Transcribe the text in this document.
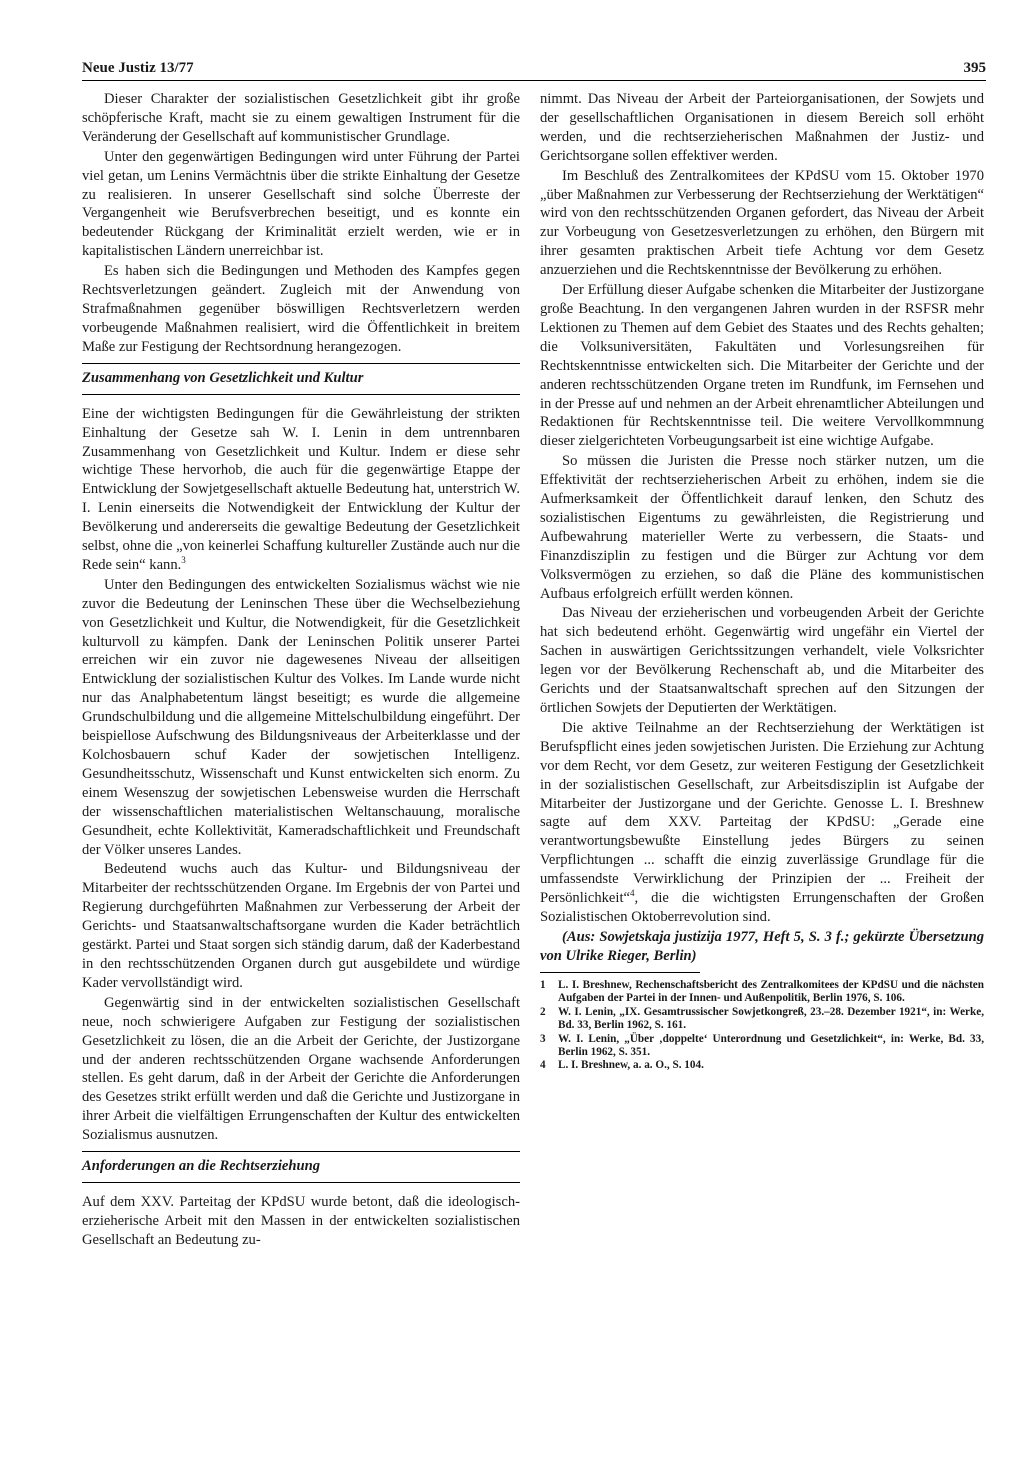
Neue Justiz 13/77	395

Dieser Charakter der sozialistischen Gesetzlichkeit gibt ihr große schöpferische Kraft, macht sie zu einem gewaltigen Instrument für die Veränderung der Gesellschaft auf kommunistischer Grundlage.

Unter den gegenwärtigen Bedingungen wird unter Führung der Partei viel getan, um Lenins Vermächtnis über die strikte Einhaltung der Gesetze zu realisieren. In unserer Gesellschaft sind solche Überreste der Vergangenheit wie Berufsverbrechen beseitigt, und es konnte ein bedeutender Rückgang der Kriminalität erzielt werden, wie er in kapitalistischen Ländern unerreichbar ist.

Es haben sich die Bedingungen und Methoden des Kampfes gegen Rechtsverletzungen geändert. Zugleich mit der Anwendung von Strafmaßnahmen gegenüber böswilligen Rechtsverletzern werden vorbeugende Maßnahmen realisiert, wird die Öffentlichkeit in breitem Maße zur Festigung der Rechtsordnung herangezogen.

Zusammenhang von Gesetzlichkeit und Kultur

Eine der wichtigsten Bedingungen für die Gewährleistung der strikten Einhaltung der Gesetze sah W. I. Lenin in dem untrennbaren Zusammenhang von Gesetzlichkeit und Kultur. Indem er diese sehr wichtige These hervorhob, die auch für die gegenwärtige Etappe der Entwicklung der Sowjetgesellschaft aktuelle Bedeutung hat, unterstrich W. I. Lenin einerseits die Notwendigkeit der Entwicklung der Kultur der Bevölkerung und andererseits die gewaltige Bedeutung der Gesetzlichkeit selbst, ohne die „von keinerlei Schaffung kultureller Zustände auch nur die Rede sein“ kann.$^3$

Unter den Bedingungen des entwickelten Sozialismus wächst wie nie zuvor die Bedeutung der Leninschen These über die Wechselbeziehung von Gesetzlichkeit und Kultur, die Notwendigkeit, für die Gesetzlichkeit kulturvoll zu kämpfen. Dank der Leninschen Politik unserer Partei erreichen wir ein zuvor nie dagewesenes Niveau der allseitigen Entwicklung der sozialistischen Kultur des Volkes. Im Lande wurde nicht nur das Analphabetentum längst beseitigt; es wurde die allgemeine Grundschulbildung und die allgemeine Mittelschulbildung eingeführt. Der beispiellose Aufschwung des Bildungsniveaus der Arbeiterklasse und der Kolchosbauern schuf Kader der sowjetischen Intelligenz. Gesundheitsschutz, Wissenschaft und Kunst entwickelten sich enorm. Zu einem Wesenszug der sowjetischen Lebensweise wurden die Herrschaft der wissenschaftlichen materialistischen Weltanschauung, moralische Gesundheit, echte Kollektivität, Kameradschaftlichkeit und Freundschaft der Völker unseres Landes.

Bedeutend wuchs auch das Kultur- und Bildungsniveau der Mitarbeiter der rechtsschützenden Organe. Im Ergebnis der von Partei und Regierung durchgeführten Maßnahmen zur Verbesserung der Arbeit der Gerichts- und Staatsanwaltschaftsorgane wurden die Kader beträchtlich gestärkt. Partei und Staat sorgen sich ständig darum, daß der Kaderbestand in den rechtsschützenden Organen durch gut ausgebildete und würdige Kader vervollständigt wird.

Gegenwärtig sind in der entwickelten sozialistischen Gesellschaft neue, noch schwierigere Aufgaben zur Festigung der sozialistischen Gesetzlichkeit zu lösen, die an die Arbeit der Gerichte, der Justizorgane und der anderen rechtsschützenden Organe wachsende Anforderungen stellen. Es geht darum, daß in der Arbeit der Gerichte die Anforderungen des Gesetzes strikt erfüllt werden und daß die Gerichte und Justizorgane in ihrer Arbeit die vielfältigen Errungenschaften der Kultur des entwickelten Sozialismus ausnutzen.

Anforderungen an die Rechtserziehung

Auf dem XXV. Parteitag der KPdSU wurde betont, daß die ideologisch-erzieherische Arbeit mit den Massen in der entwickelten sozialistischen Gesellschaft an Bedeutung zu-

nimmt. Das Niveau der Arbeit der Parteiorganisationen, der Sowjets und der gesellschaftlichen Organisationen in diesem Bereich soll erhöht werden, und die rechtserzieherischen Maßnahmen der Justiz- und Gerichtsorgane sollen effektiver werden.

Im Beschluß des Zentralkomitees der KPdSU vom 15. Oktober 1970 „über Maßnahmen zur Verbesserung der Rechtserziehung der Werktätigen“ wird von den rechtsschützenden Organen gefordert, das Niveau der Arbeit zur Vorbeugung von Gesetzesverletzungen zu erhöhen, den Bürgern mit ihrer gesamten praktischen Arbeit tiefe Achtung vor dem Gesetz anzuerziehen und die Rechtskenntnisse der Bevölkerung zu erhöhen.

Der Erfüllung dieser Aufgabe schenken die Mitarbeiter der Justizorgane große Beachtung. In den vergangenen Jahren wurden in der RSFSR mehr Lektionen zu Themen auf dem Gebiet des Staates und des Rechts gehalten; die Volksuniversitäten, Fakultäten und Vorlesungsreihen für Rechtskenntnisse entwickelten sich. Die Mitarbeiter der Gerichte und der anderen rechtsschützenden Organe treten im Rundfunk, im Fernsehen und in der Presse auf und nehmen an der Arbeit ehrenamtlicher Abteilungen und Redaktionen für Rechtskenntnisse teil. Die weitere Vervollkommnung dieser zielgerichteten Vorbeugungsarbeit ist eine wichtige Aufgabe.

So müssen die Juristen die Presse noch stärker nutzen, um die Effektivität der rechtserzieherischen Arbeit zu erhöhen, indem sie die Aufmerksamkeit der Öffentlichkeit darauf lenken, den Schutz des sozialistischen Eigentums zu gewährleisten, die Registrierung und Aufbewahrung materieller Werte zu verbessern, die Staats- und Finanzdisziplin zu festigen und die Bürger zur Achtung vor dem Volksvermögen zu erziehen, so daß die Pläne des kommunistischen Aufbaus erfolgreich erfüllt werden können.

Das Niveau der erzieherischen und vorbeugenden Arbeit der Gerichte hat sich bedeutend erhöht. Gegenwärtig wird ungefähr ein Viertel der Sachen in auswärtigen Gerichtssitzungen verhandelt, viele Volksrichter legen vor der Bevölkerung Rechenschaft ab, und die Mitarbeiter des Gerichts und der Staatsanwaltschaft sprechen auf den Sitzungen der örtlichen Sowjets der Deputierten der Werktätigen.

Die aktive Teilnahme an der Rechtserziehung der Werktätigen ist Berufspflicht eines jeden sowjetischen Juristen. Die Erziehung zur Achtung vor dem Recht, vor dem Gesetz, zur weiteren Festigung der Gesetzlichkeit in der sozialistischen Gesellschaft, zur Arbeitsdisziplin ist Aufgabe der Mitarbeiter der Justizorgane und der Gerichte. Genosse L. I. Breshnew sagte auf dem XXV. Parteitag der KPdSU: „Gerade eine verantwortungsbewußte Einstellung jedes Bürgers zu seinen Verpflichtungen ... schafft die einzig zuverlässige Grundlage für die umfassendste Verwirklichung der Prinzipien der ... Freiheit der Persönlichkeit“$^4$, die die wichtigsten Errungenschaften der Großen Sozialistischen Oktoberrevolution sind.

(Aus: Sowjetskaja justizija 1977, Heft 5, S. 3 f.; gekürzte Übersetzung von Ulrike Rieger, Berlin)

1	L. I. Breshnew, Rechenschaftsbericht des Zentralkomitees der KPdSU und die nächsten Aufgaben der Partei in der Innen- und Außenpolitik, Berlin 1976, S. 106.
2	W. I. Lenin, „IX. Gesamtrussischer Sowjetkongreß, 23.–28. Dezember 1921“, in: Werke, Bd. 33, Berlin 1962, S. 161.
3	W. I. Lenin, „Über ‚doppelte‘ Unterordnung und Gesetzlichkeit“, in: Werke, Bd. 33, Berlin 1962, S. 351.
4	L. I. Breshnew, a. a. O., S. 104.
